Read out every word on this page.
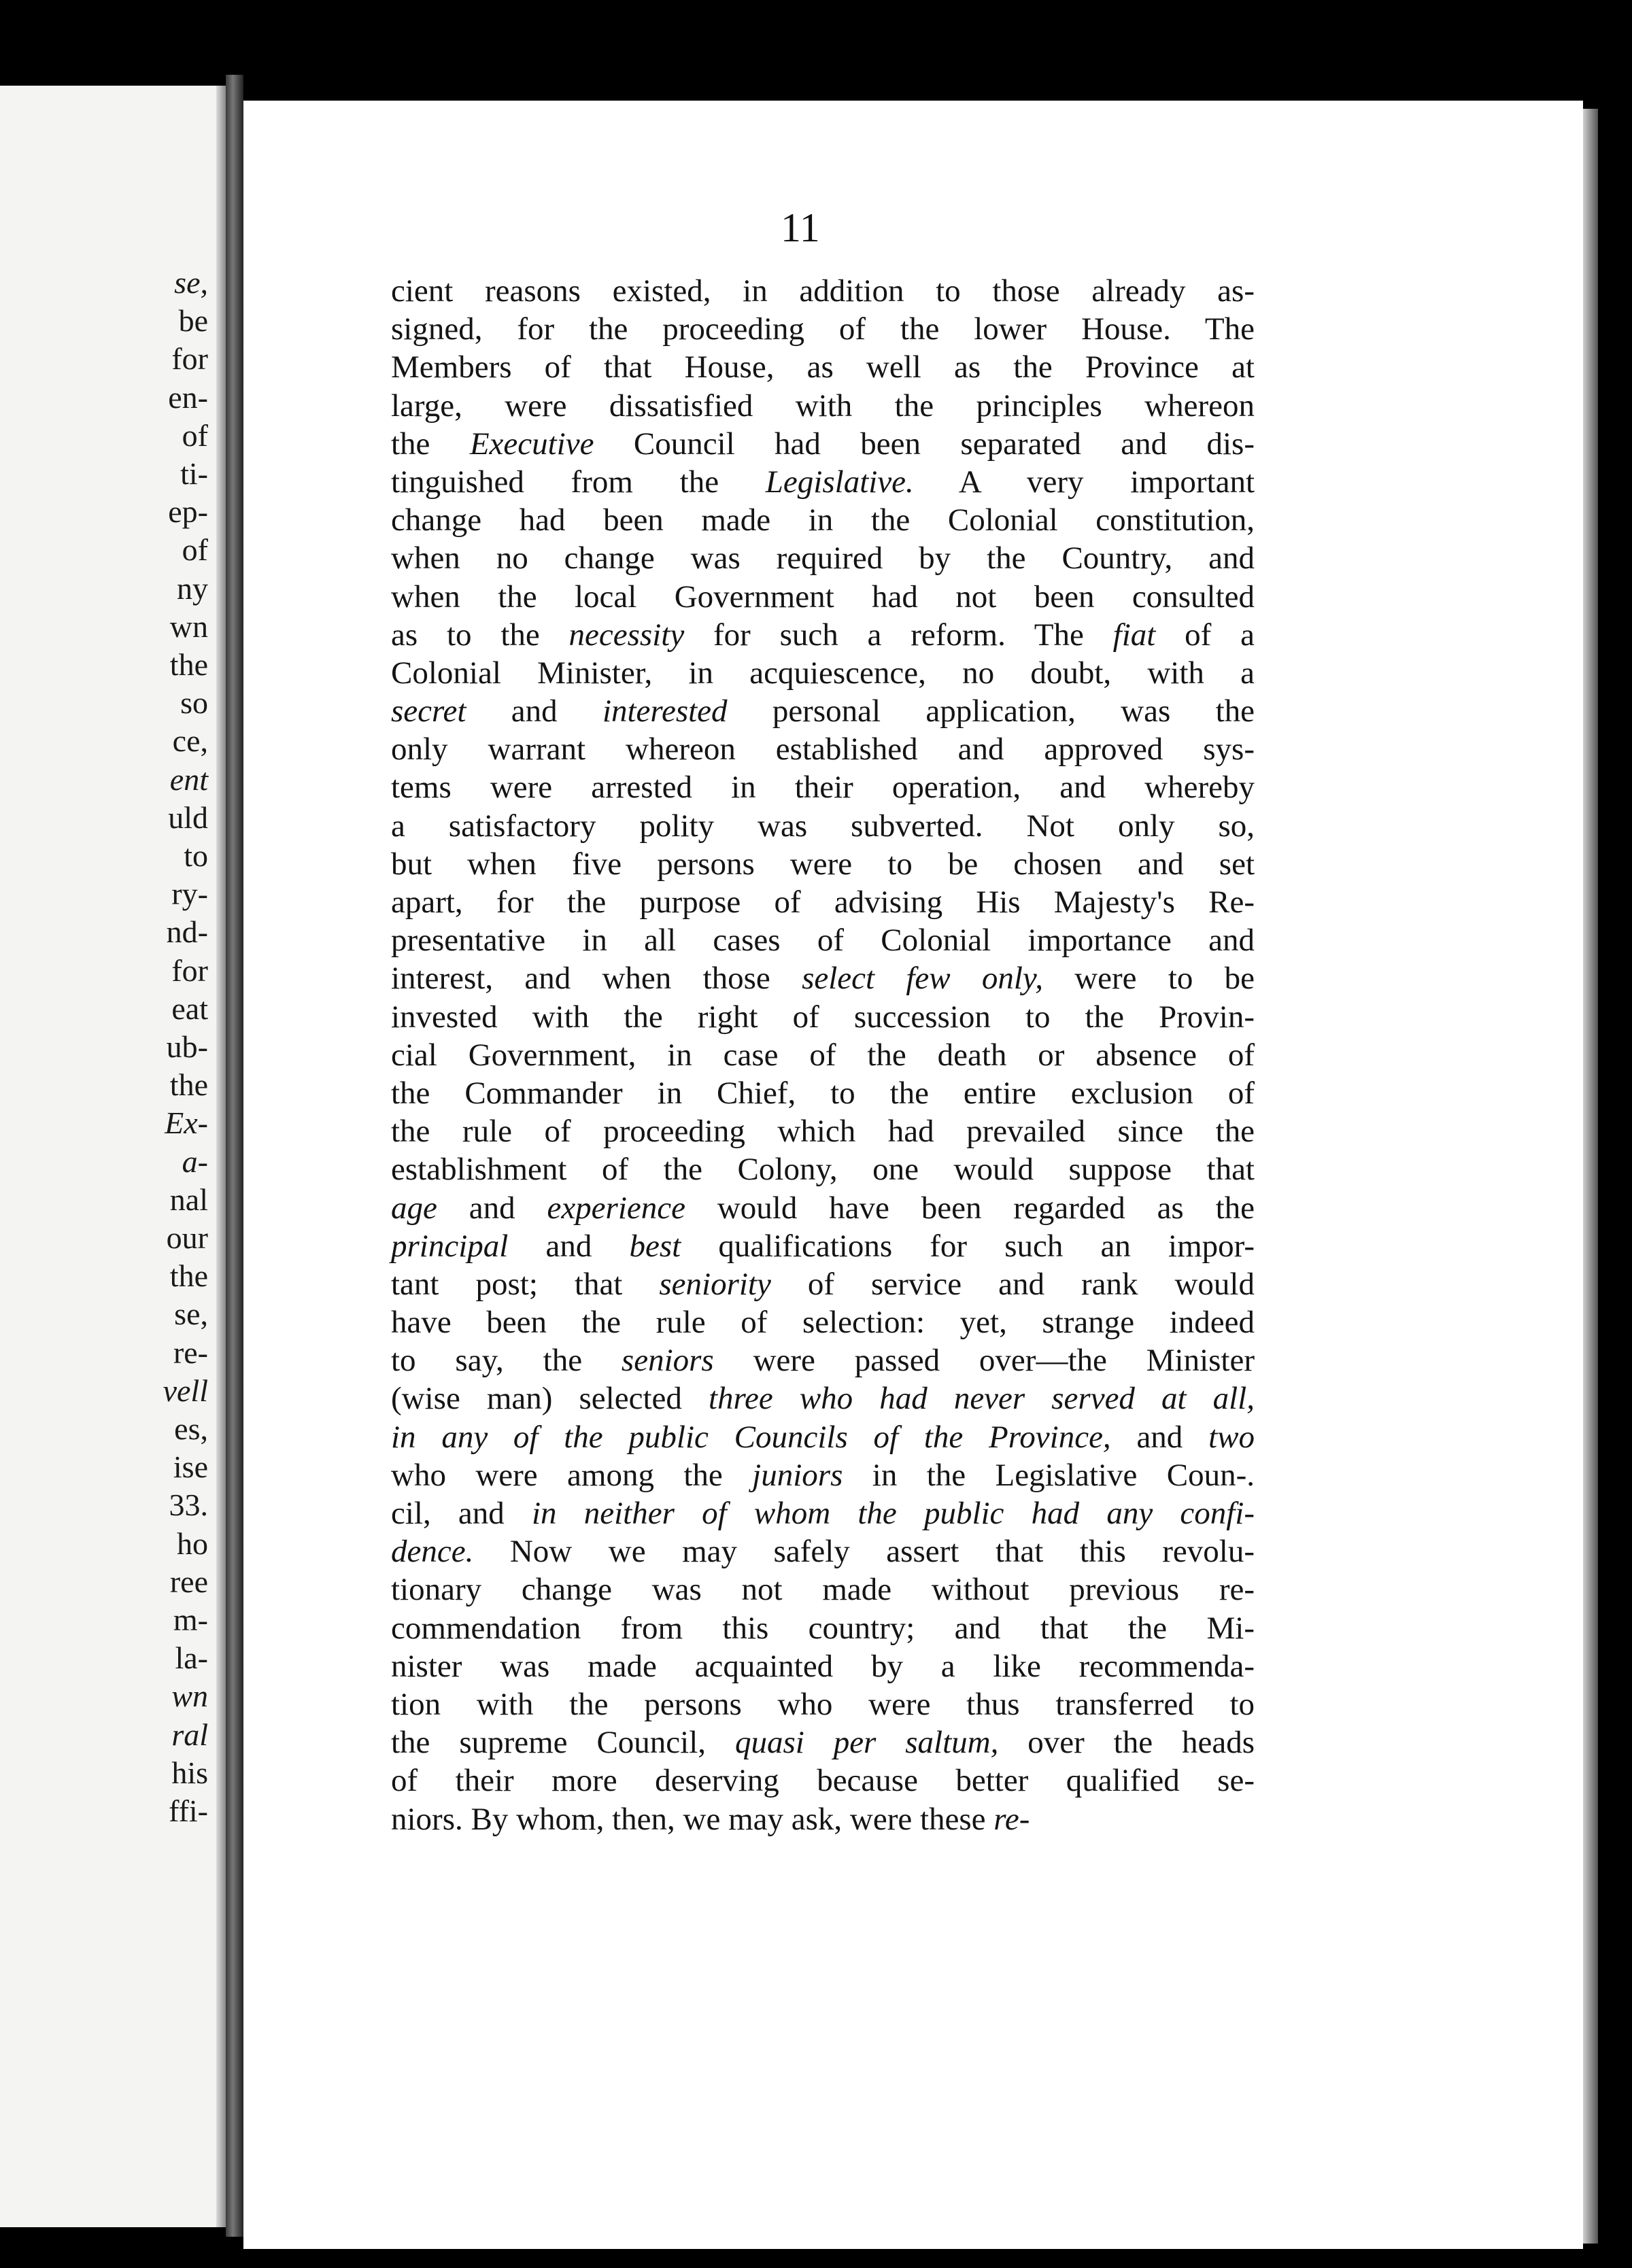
se,
be
for
en-
of
ti-
ep-
of
ny
wn
the
so
ce,
ent
uld
to
ry-
nd-
for
eat
ub-
the
Ex-
a-
nal
our
the
se,
re-
vell
es,
ise
33.
ho
ree
m-
la-
wn
ral
his
ffi-
11
cient reasons existed, in addition to those already as-
signed, for the proceeding of the lower House. The
Members of that House, as well as the Province at
large, were dissatisfied with the principles whereon
the Executive Council had been separated and dis-
tinguished from the Legislative. A very important
change had been made in the Colonial constitution,
when no change was required by the Country, and
when the local Government had not been consulted
as to the necessity for such a reform. The fiat of a
Colonial Minister, in acquiescence, no doubt, with a
secret and interested personal application, was the
only warrant whereon established and approved sys-
tems were arrested in their operation, and whereby
a satisfactory polity was subverted. Not only so,
but when five persons were to be chosen and set
apart, for the purpose of advising His Majesty's Re-
presentative in all cases of Colonial importance and
interest, and when those select few only, were to be
invested with the right of succession to the Provin-
cial Government, in case of the death or absence of
the Commander in Chief, to the entire exclusion of
the rule of proceeding which had prevailed since the
establishment of the Colony, one would suppose that
age and experience would have been regarded as the
principal and best qualifications for such an impor-
tant post; that seniority of service and rank would
have been the rule of selection: yet, strange indeed
to say, the seniors were passed over—the Minister
(wise man) selected three who had never served at all,
in any of the public Councils of the Province, and two
who were among the juniors in the Legislative Coun-.
cil, and in neither of whom the public had any confi-
dence. Now we may safely assert that this revolu-
tionary change was not made without previous re-
commendation from this country; and that the Mi-
nister was made acquainted by a like recommenda-
tion with the persons who were thus transferred to
the supreme Council, quasi per saltum, over the heads
of their more deserving because better qualified se-
niors. By whom, then, we may ask, were these re-
